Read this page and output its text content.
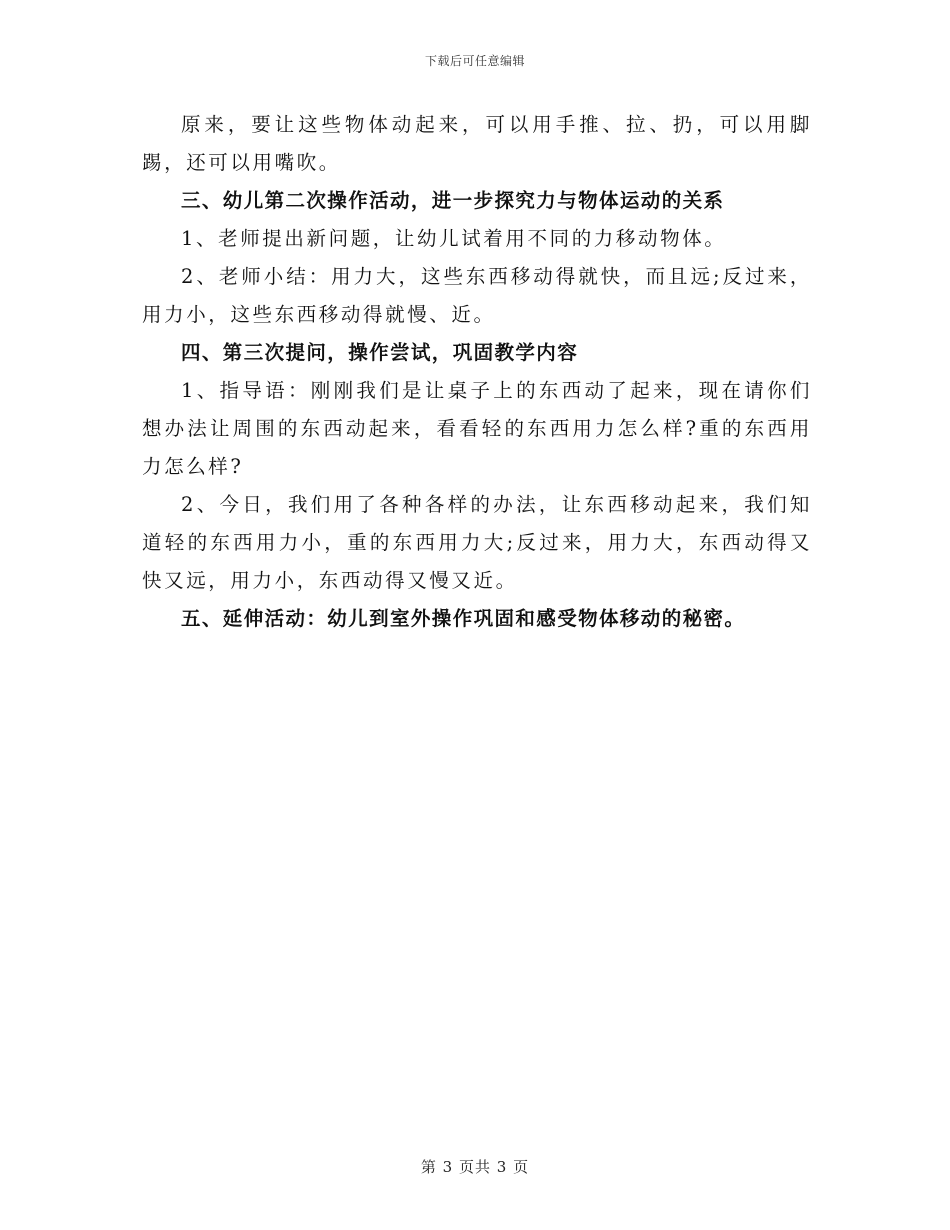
下载后可任意编辑

原来，要让这些物体动起来，可以用手推、拉、扔，可以用脚踢，还可以用嘴吹。

三、幼儿第二次操作活动，进一步探究力与物体运动的关系

1、老师提出新问题，让幼儿试着用不同的力移动物体。

2、老师小结：用力大，这些东西移动得就快，而且远;反过来，用力小，这些东西移动得就慢、近。

四、第三次提问，操作尝试，巩固教学内容

1、指导语：刚刚我们是让桌子上的东西动了起来，现在请你们想办法让周围的东西动起来，看看轻的东西用力怎么样?重的东西用力怎么样?

2、今日，我们用了各种各样的办法，让东西移动起来，我们知道轻的东西用力小，重的东西用力大;反过来，用力大，东西动得又快又远，用力小，东西动得又慢又近。

五、延伸活动：幼儿到室外操作巩固和感受物体移动的秘密。

第 3 页共 3 页
